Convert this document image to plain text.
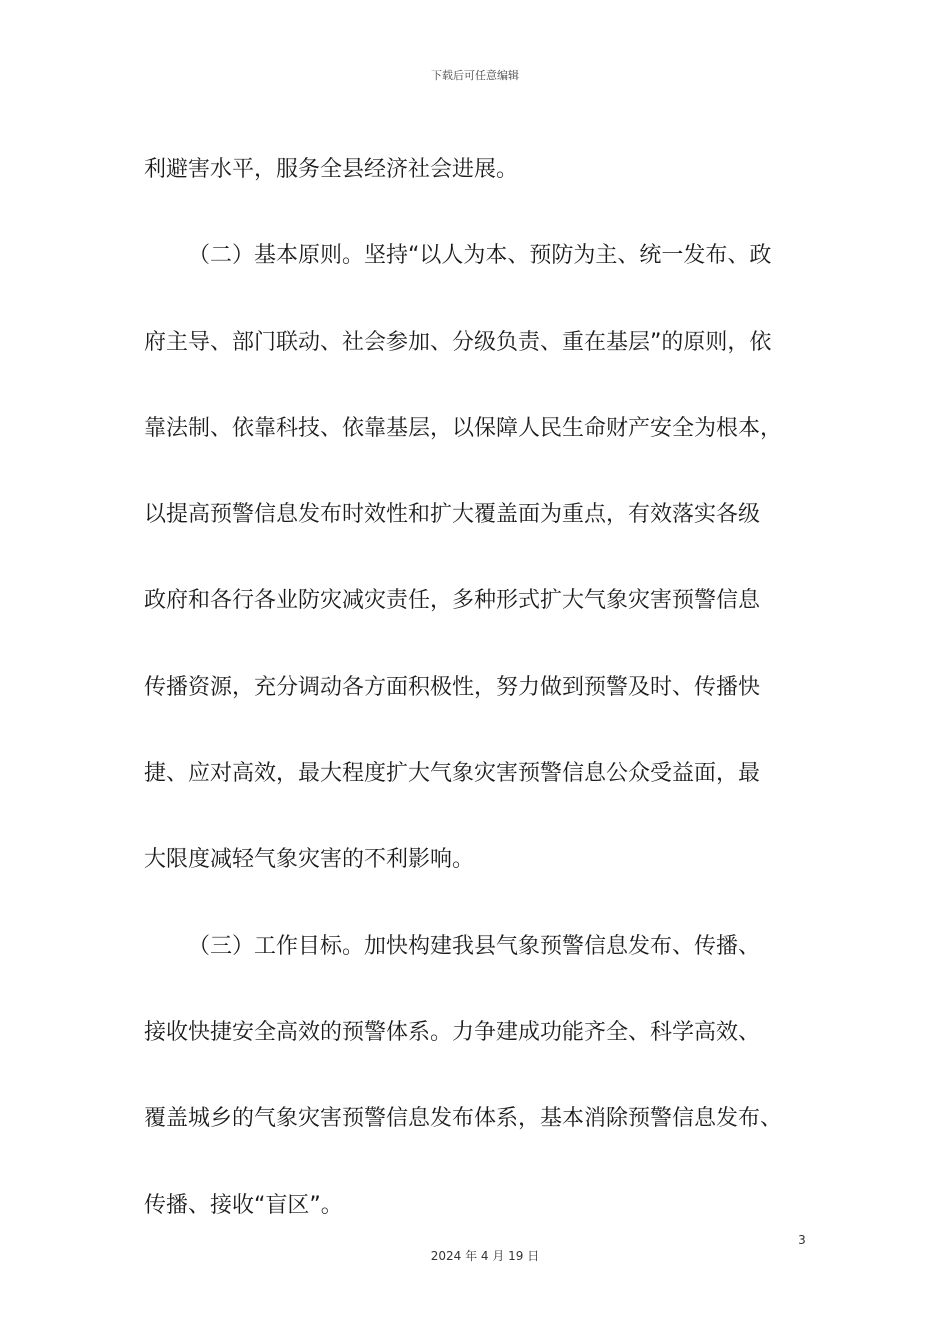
下载后可任意编辑
利避害水平，服务全县经济社会进展。
（二）基本原则。坚持“以人为本、预防为主、统一发布、政
府主导、部门联动、社会参加、分级负责、重在基层”的原则，依
靠法制、依靠科技、依靠基层，以保障人民生命财产安全为根本，
以提高预警信息发布时效性和扩大覆盖面为重点，有效落实各级
政府和各行各业防灾减灾责任，多种形式扩大气象灾害预警信息
传播资源，充分调动各方面积极性，努力做到预警及时、传播快
捷、应对高效，最大程度扩大气象灾害预警信息公众受益面，最
大限度减轻气象灾害的不利影响。
（三）工作目标。加快构建我县气象预警信息发布、传播、
接收快捷安全高效的预警体系。力争建成功能齐全、科学高效、
覆盖城乡的气象灾害预警信息发布体系，基本消除预警信息发布、
传播、接收“盲区”。
3
2024 年 4 月 19 日
